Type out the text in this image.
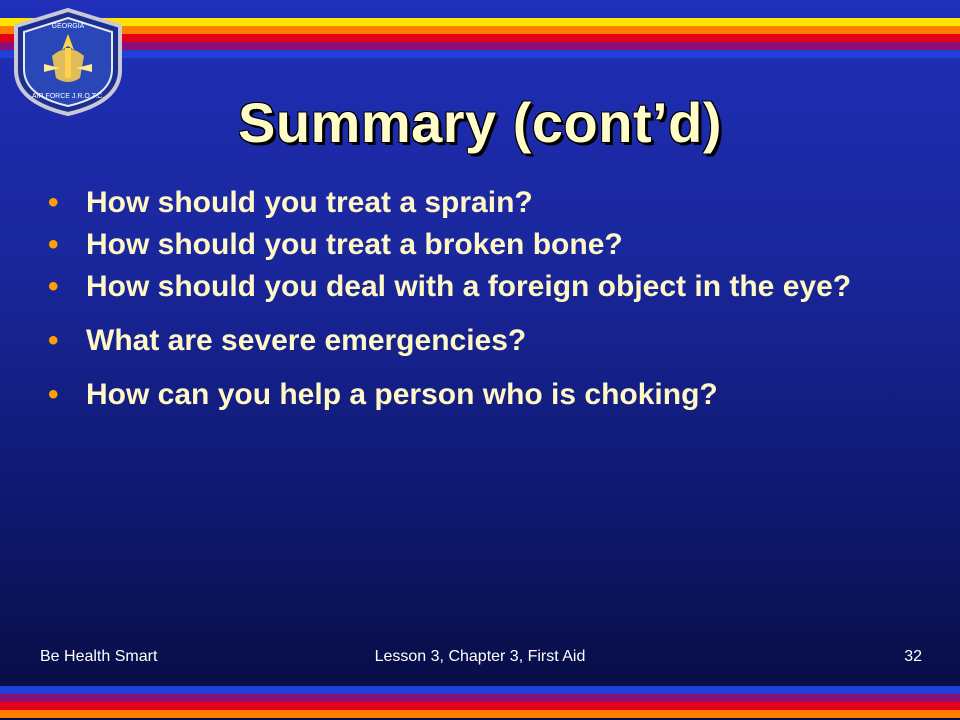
GEORGIA
AIR FORCE J.R.O.T.C.	Summary (cont’d)
• How should you treat a sprain?
• How should you treat a broken bone?
• How should you deal with a foreign object in the eye?
• What are severe emergencies?
• How can you help a person who is choking?
Be Health Smart	Lesson 3, Chapter 3, First Aid	32
